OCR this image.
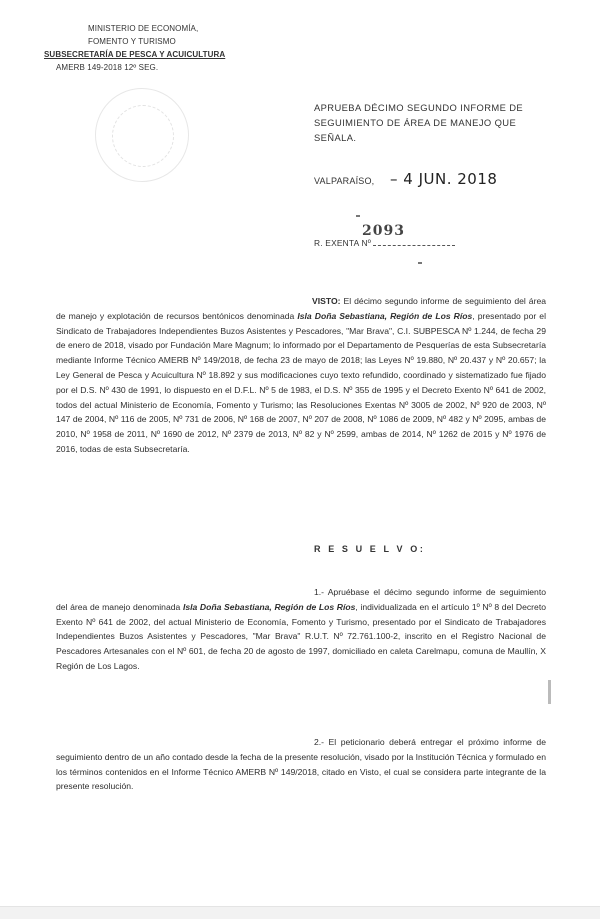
MINISTERIO DE ECONOMÍA,
FOMENTO Y TURISMO
SUBSECRETARÍA DE PESCA Y ACUICULTURA
AMERB 149-2018 12º SEG.
APRUEBA DÉCIMO SEGUNDO INFORME DE SEGUIMIENTO DE ÁREA DE MANEJO QUE SEÑALA.
VALPARAÍSO, – 4 JUN. 2018
2093
R. EXENTA Nº
VISTO: El décimo segundo informe de seguimiento del área de manejo y explotación de recursos bentónicos denominada Isla Doña Sebastiana, Región de Los Ríos, presentado por el Sindicato de Trabajadores Independientes Buzos Asistentes y Pescadores, "Mar Brava", C.I. SUBPESCA Nº 1.244, de fecha 29 de enero de 2018, visado por Fundación Mare Magnum; lo informado por el Departamento de Pesquerías de esta Subsecretaría mediante Informe Técnico AMERB Nº 149/2018, de fecha 23 de mayo de 2018; las Leyes Nº 19.880, Nº 20.437 y Nº 20.657; la Ley General de Pesca y Acuicultura Nº 18.892 y sus modificaciones cuyo texto refundido, coordinado y sistematizado fue fijado por el D.S. Nº 430 de 1991, lo dispuesto en el D.F.L. Nº 5 de 1983, el D.S. Nº 355 de 1995 y el Decreto Exento Nº 641 de 2002, todos del actual Ministerio de Economía, Fomento y Turismo; las Resoluciones Exentas Nº 3005 de 2002, Nº 920 de 2003, Nº 147 de 2004, Nº 116 de 2005, Nº 731 de 2006, Nº 168 de 2007, Nº 207 de 2008, Nº 1086 de 2009, Nº 482 y Nº 2095, ambas de 2010, Nº 1958 de 2011, Nº 1690 de 2012, Nº 2379 de 2013, Nº 82 y Nº 2599, ambas de 2014, Nº 1262 de 2015 y Nº 1976 de 2016, todas de esta Subsecretaría.
R E S U E L V O:
1.- Apruébase el décimo segundo informe de seguimiento del área de manejo denominada Isla Doña Sebastiana, Región de Los Ríos, individualizada en el artículo 1º Nº 8 del Decreto Exento Nº 641 de 2002, del actual Ministerio de Economía, Fomento y Turismo, presentado por el Sindicato de Trabajadores Independientes Buzos Asistentes y Pescadores, "Mar Brava" R.U.T. Nº 72.761.100-2, inscrito en el Registro Nacional de Pescadores Artesanales con el Nº 601, de fecha 20 de agosto de 1997, domiciliado en caleta Carelmapu, comuna de Maullín, X Región de Los Lagos.
2.- El peticionario deberá entregar el próximo informe de seguimiento dentro de un año contado desde la fecha de la presente resolución, visado por la Institución Técnica y formulado en los términos contenidos en el Informe Técnico AMERB Nº 149/2018, citado en Visto, el cual se considera parte integrante de la presente resolución.
